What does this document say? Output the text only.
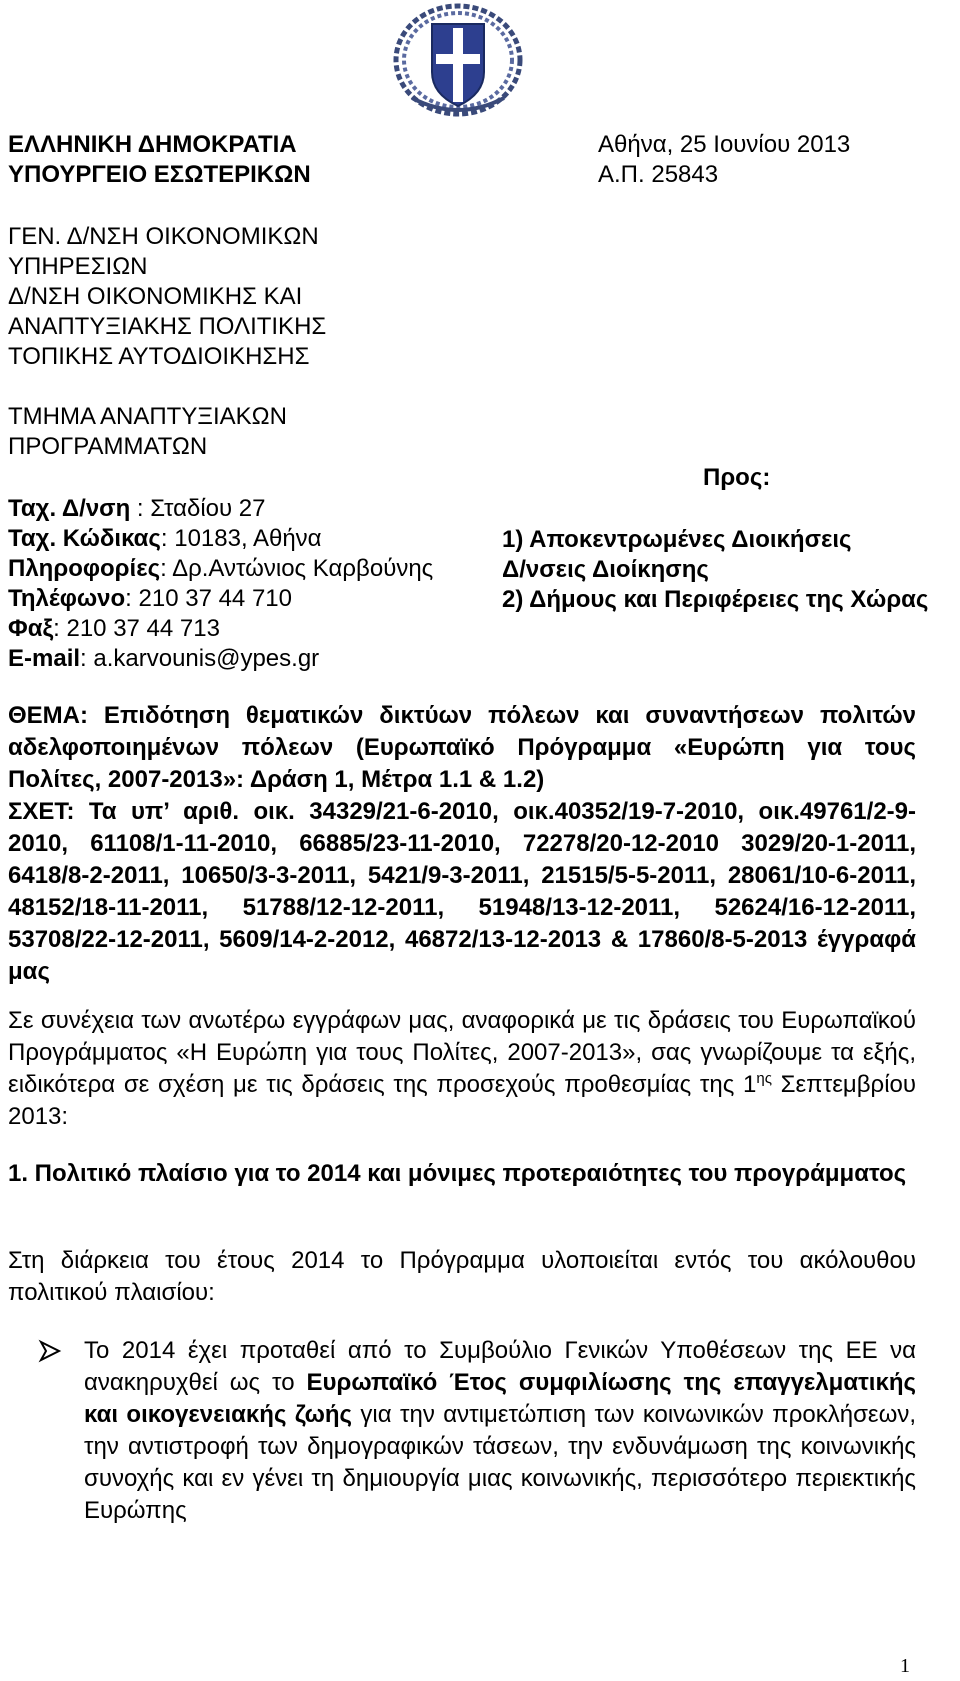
ΕΛΛΗΝΙΚΗ ΔΗΜΟΚΡΑΤΙΑ
ΥΠΟΥΡΓΕΙΟ ΕΣΩΤΕΡΙΚΩΝ
Αθήνα, 25 Ιουνίου 2013
Α.Π. 25843
ΓΕΝ. Δ/ΝΣΗ ΟΙΚΟΝΟΜΙΚΩΝ
ΥΠΗΡΕΣΙΩΝ
Δ/ΝΣΗ ΟΙΚΟΝΟΜΙΚΗΣ ΚΑΙ
ΑΝΑΠΤΥΞΙΑΚΗΣ ΠΟΛΙΤΙΚΗΣ
ΤΟΠΙΚΗΣ ΑΥΤΟΔΙΟΙΚΗΣΗΣ
ΤΜΗΜΑ ΑΝΑΠΤΥΞΙΑΚΩΝ
ΠΡΟΓΡΑΜΜΑΤΩΝ
Ταχ. Δ/νση : Σταδίου 27
Ταχ. Κώδικας: 10183, Αθήνα
Πληροφορίες: Δρ.Αντώνιος Καρβούνης
Τηλέφωνο: 210 37 44 710
Φαξ: 210 37 44 713
E-mail: a.karvounis@ypes.gr
Προς:
1) Αποκεντρωμένες Διοικήσεις
Δ/νσεις Διοίκησης
2) Δήμους και Περιφέρειες της Χώρας

ΘΕΜΑ: Επιδότηση θεματικών δικτύων πόλεων και συναντήσεων πολιτών αδελφοποιημένων πόλεων (Ευρωπαϊκό Πρόγραμμα «Ευρώπη για τους Πολίτες, 2007-2013»: Δράση 1, Μέτρα 1.1 & 1.2)

ΣΧΕΤ: Τα υπ’ αριθ. οικ. 34329/21-6-2010, οικ.40352/19-7-2010, οικ.49761/2-9-2010, 61108/1-11-2010, 66885/23-11-2010, 72278/20-12-2010 3029/20-1-2011, 6418/8-2-2011, 10650/3-3-2011, 5421/9-3-2011, 21515/5-5-2011, 28061/10-6-2011, 48152/18-11-2011, 51788/12-12-2011, 51948/13-12-2011, 52624/16-12-2011, 53708/22-12-2011, 5609/14-2-2012, 46872/13-12-2013 & 17860/8-5-2013 έγγραφά μας

Σε συνέχεια των ανωτέρω εγγράφων μας, αναφορικά με τις δράσεις του Ευρωπαϊκού Προγράμματος «Η Ευρώπη για τους Πολίτες, 2007-2013», σας γνωρίζουμε τα εξής, ειδικότερα σε σχέση με τις δράσεις της προσεχούς προθεσμίας της $1^{\eta\varsigma}$ Σεπτεμβρίου 2013:

1. Πολιτικό πλαίσιο για το 2014 και μόνιμες προτεραιότητες του προγράμματος

Στη διάρκεια του έτους 2014 το Πρόγραμμα υλοποιείται εντός του ακόλουθου πολιτικού πλαισίου:

Το 2014 έχει προταθεί από το Συμβούλιο Γενικών Υποθέσεων της ΕΕ να ανακηρυχθεί ως το Ευρωπαϊκό Έτος συμφιλίωσης της επαγγελματικής και οικογενειακής ζωής για την αντιμετώπιση των κοινωνικών προκλήσεων, την αντιστροφή των δημογραφικών τάσεων, την ενδυνάμωση της κοινωνικής συνοχής και εν γένει τη δημιουργία μιας κοινωνικής, περισσότερο περιεκτικής Ευρώπης

1
